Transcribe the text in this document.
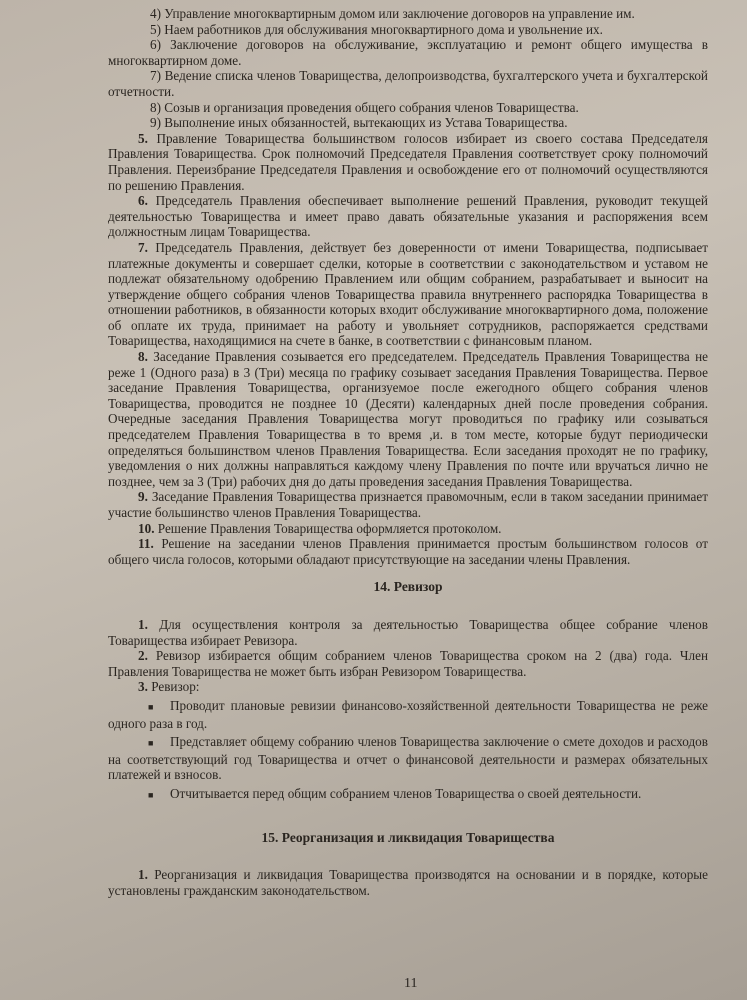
4) Управление многоквартирным домом или заключение договоров на управление им.

5) Наем работников для обслуживания многоквартирного дома и увольнение их.

6) Заключение договоров на обслуживание, эксплуатацию и ремонт общего имущества в многоквартирном доме.

7) Ведение списка членов Товарищества, делопроизводства, бухгалтерского учета и бухгалтерской отчетности.

8) Созыв и организация проведения общего собрания членов Товарищества.

9) Выполнение иных обязанностей, вытекающих из Устава Товарищества.

5. Правление Товарищества большинством голосов избирает из своего состава Председателя Правления Товарищества. Срок полномочий Председателя Правления соответствует сроку полномочий Правления. Переизбрание Председателя Правления и освобождение его от полномочий осуществляются по решению Правления.

6. Председатель Правления обеспечивает выполнение решений Правления, руководит текущей деятельностью Товарищества и имеет право давать обязательные указания и распоряжения всем должностным лицам Товарищества.

7. Председатель Правления, действует без доверенности от имени Товарищества, подписывает платежные документы и совершает сделки, которые в соответствии с законодательством и уставом не подлежат обязательному одобрению Правлением или общим собранием, разрабатывает и выносит на утверждение общего собрания членов Товарищества правила внутреннего распорядка Товарищества в отношении работников, в обязанности которых входит обслуживание многоквартирного дома, положение об оплате их труда, принимает на работу и увольняет сотрудников, распоряжается средствами Товарищества, находящимися на счете в банке, в соответствии с финансовым планом.

8. Заседание Правления созывается его председателем. Председатель Правления Товарищества не реже 1 (Одного раза) в 3 (Три) месяца по графику созывает заседания Правления Товарищества. Первое заседание Правления Товарищества, организуемое после ежегодного общего собрания членов Товарищества, проводится не позднее 10 (Десяти) календарных дней после проведения собрания. Очередные заседания Правления Товарищества могут проводиться по графику или созываться председателем Правления Товарищества в то время ,и. в том месте, которые будут периодически определяться большинством членов Правления Товарищества. Если заседания проходят не по графику, уведомления о них должны направляться каждому члену Правления по почте или вручаться лично не позднее, чем за 3 (Три) рабочих дня до даты проведения заседания Правления Товарищества.

9. Заседание Правления Товарищества признается правомочным, если в таком заседании принимает участие большинство членов Правления Товарищества.

10. Решение Правления Товарищества оформляется протоколом.

11. Решение на заседании членов Правления принимается простым большинством голосов от общего числа голосов, которыми обладают присутствующие на заседании члены Правления.

14. Ревизор

1. Для осуществления контроля за деятельностью Товарищества общее собрание членов Товарищества избирает Ревизора.

2. Ревизор избирается общим собранием членов Товарищества сроком на 2 (два) года. Член Правления Товарищества не может быть избран Ревизором Товарищества.

3. Ревизор:

■ Проводит плановые ревизии финансово-хозяйственной деятельности Товарищества не реже одного раза в год.

■ Представляет общему собранию членов Товарищества заключение о смете доходов и расходов на соответствующий год Товарищества и отчет о финансовой деятельности и размерах обязательных платежей и взносов.

■ Отчитывается перед общим собранием членов Товарищества о своей деятельности.

15. Реорганизация и ликвидация Товарищества

1. Реорганизация и ликвидация Товарищества производятся на основании и в порядке, которые установлены гражданским законодательством.

11
